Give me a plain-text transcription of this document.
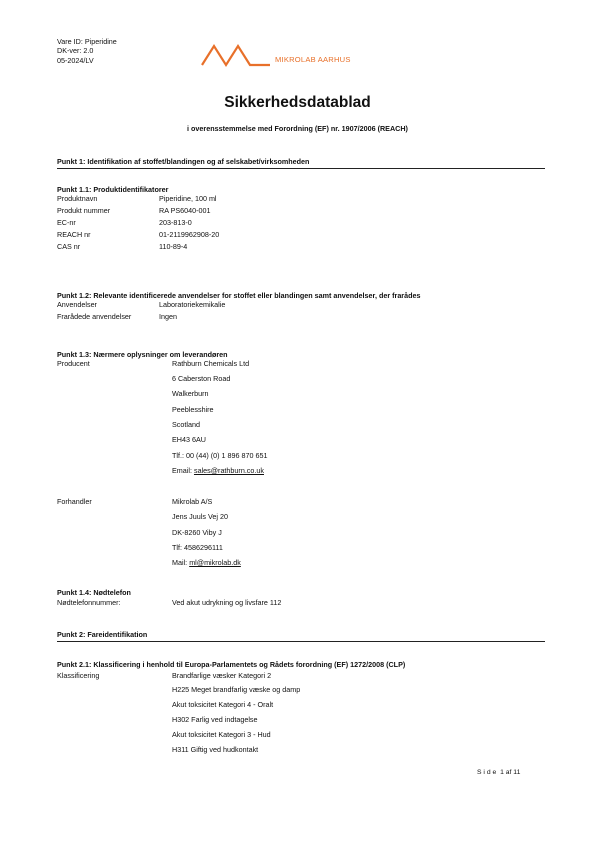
Vare ID: Piperidine
DK-ver: 2.0
05-2024/LV	MIKROLAB AARHUS
Sikkerhedsdatablad
i overensstemmelse med Forordning (EF) nr. 1907/2006 (REACH)
Punkt 1: Identifikation af stoffet/blandingen og af selskabet/virksomheden
Punkt 1.1: Produktidentifikatorer
Produktnavn	Piperidine, 100 ml
Produkt nummer	RA PS6040-001
EC-nr	203-813-0
REACH nr	01-2119962908-20
CAS nr	110-89-4
Punkt 1.2: Relevante identificerede anvendelser for stoffet eller blandingen samt anvendelser, der frarådes
Anvendelser	Laboratoriekemikalie
Frarådede anvendelser	Ingen
Punkt 1.3: Nærmere oplysninger om leverandøren
Producent	Rathburn Chemicals Ltd
6 Caberston Road
Walkerburn
Peeblesshire
Scotland
EH43 6AU
Tlf.: 00 (44) (0) 1 896 870 651
Email: sales@rathburn.co.uk
Forhandler	Mikrolab A/S
Jens Juuls Vej 20
DK-8260 Viby J
Tlf: 4586296111
Mail: ml@mikrolab.dk
Punkt 1.4: Nødtelefon
Nødtelefonnummer:	Ved akut udrykning og livsfare 112
Punkt 2: Fareidentifikation
Punkt 2.1: Klassificering i henhold til Europa-Parlamentets og Rådets forordning (EF) 1272/2008 (CLP)
Klassificering	Brandfarlige væsker Kategori 2
H225 Meget brandfarlig væske og damp
Akut toksicitet Kategori 4 - Oralt
H302 Farlig ved indtagelse
Akut toksicitet Kategori 3 - Hud
H311 Giftig ved hudkontakt
S i d e 1 af 11
